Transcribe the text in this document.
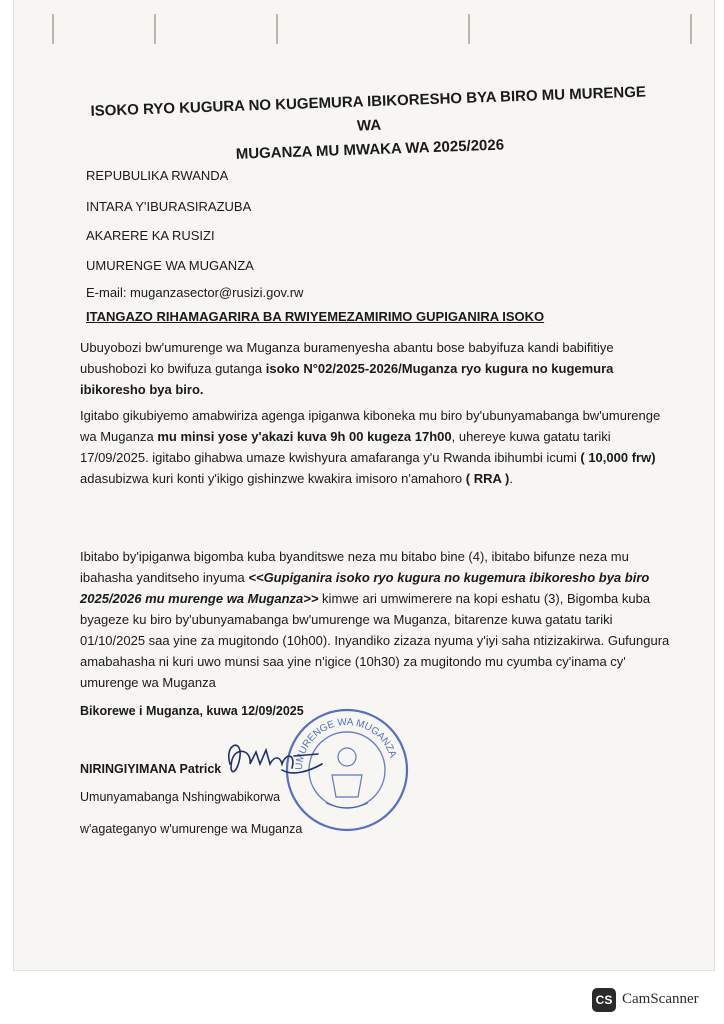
ISOKO RYO KUGURA NO KUGEMURA IBIKORESHO BYA BIRO MU MURENGE WA
MUGANZA MU MWAKA WA 2025/2026
REPUBULIKA RWANDA
INTARA Y'IBURASIRAZUBA
AKARERE KA RUSIZI
UMURENGE WA MUGANZA
E-mail: muganzasector@rusizi.gov.rw
ITANGAZO RIHAMAGARIRA BA RWIYEMEZAMIRIMO GUPIGANIRA ISOKO
Ubuyobozi bw'umurenge wa Muganza buramenyesha abantu bose babyifuza kandi babifitiye ubushobozi ko bwifuza gutanga isoko N°02/2025-2026/Muganza ryo kugura no kugemura ibikoresho bya biro.
Igitabo gikubiyemo amabwiriza agenga ipiganwa kiboneka mu biro by'ubunyamabanga bw'umurenge wa Muganza mu minsi yose y'akazi kuva 9h 00 kugeza 17h00, uhereye kuwa gatatu tariki 17/09/2025. igitabo gihabwa umaze kwishyura amafaranga y'u Rwanda ibihumbi icumi ( 10,000 frw) adasubizwa kuri konti y'ikigo gishinzwe kwakira imisoro n'amahoro ( RRA ).
Ibitabo by'ipiganwa bigomba kuba byanditswe neza mu bitabo bine (4), ibitabo bifunze neza mu ibahasha yanditseho inyuma <<Gupiganira isoko ryo kugura no kugemura ibikoresho bya biro 2025/2026 mu murenge wa Muganza>> kimwe ari umwimerere na kopi eshatu (3), Bigomba kuba byageze ku biro by'ubunyamabanga bw'umurenge wa Muganza, bitarenze kuwa gatatu tariki 01/10/2025 saa yine za mugitondo (10h00). Inyandiko zizaza nyuma y'iyi saha ntizizakirwa. Gufungura amabahasha ni kuri uwo munsi saa yine n'igice (10h30) za mugitondo mu cyumba cy'inama cy' umurenge wa Muganza
Bikorewe i Muganza, kuwa 12/09/2025
NIRINGIYIMANA Patrick
Umunyamabanga Nshingwabikorwa
w'agateganyo w'umurenge wa Muganza
UMURENGE WA MUGANZA
CS CamScanner
